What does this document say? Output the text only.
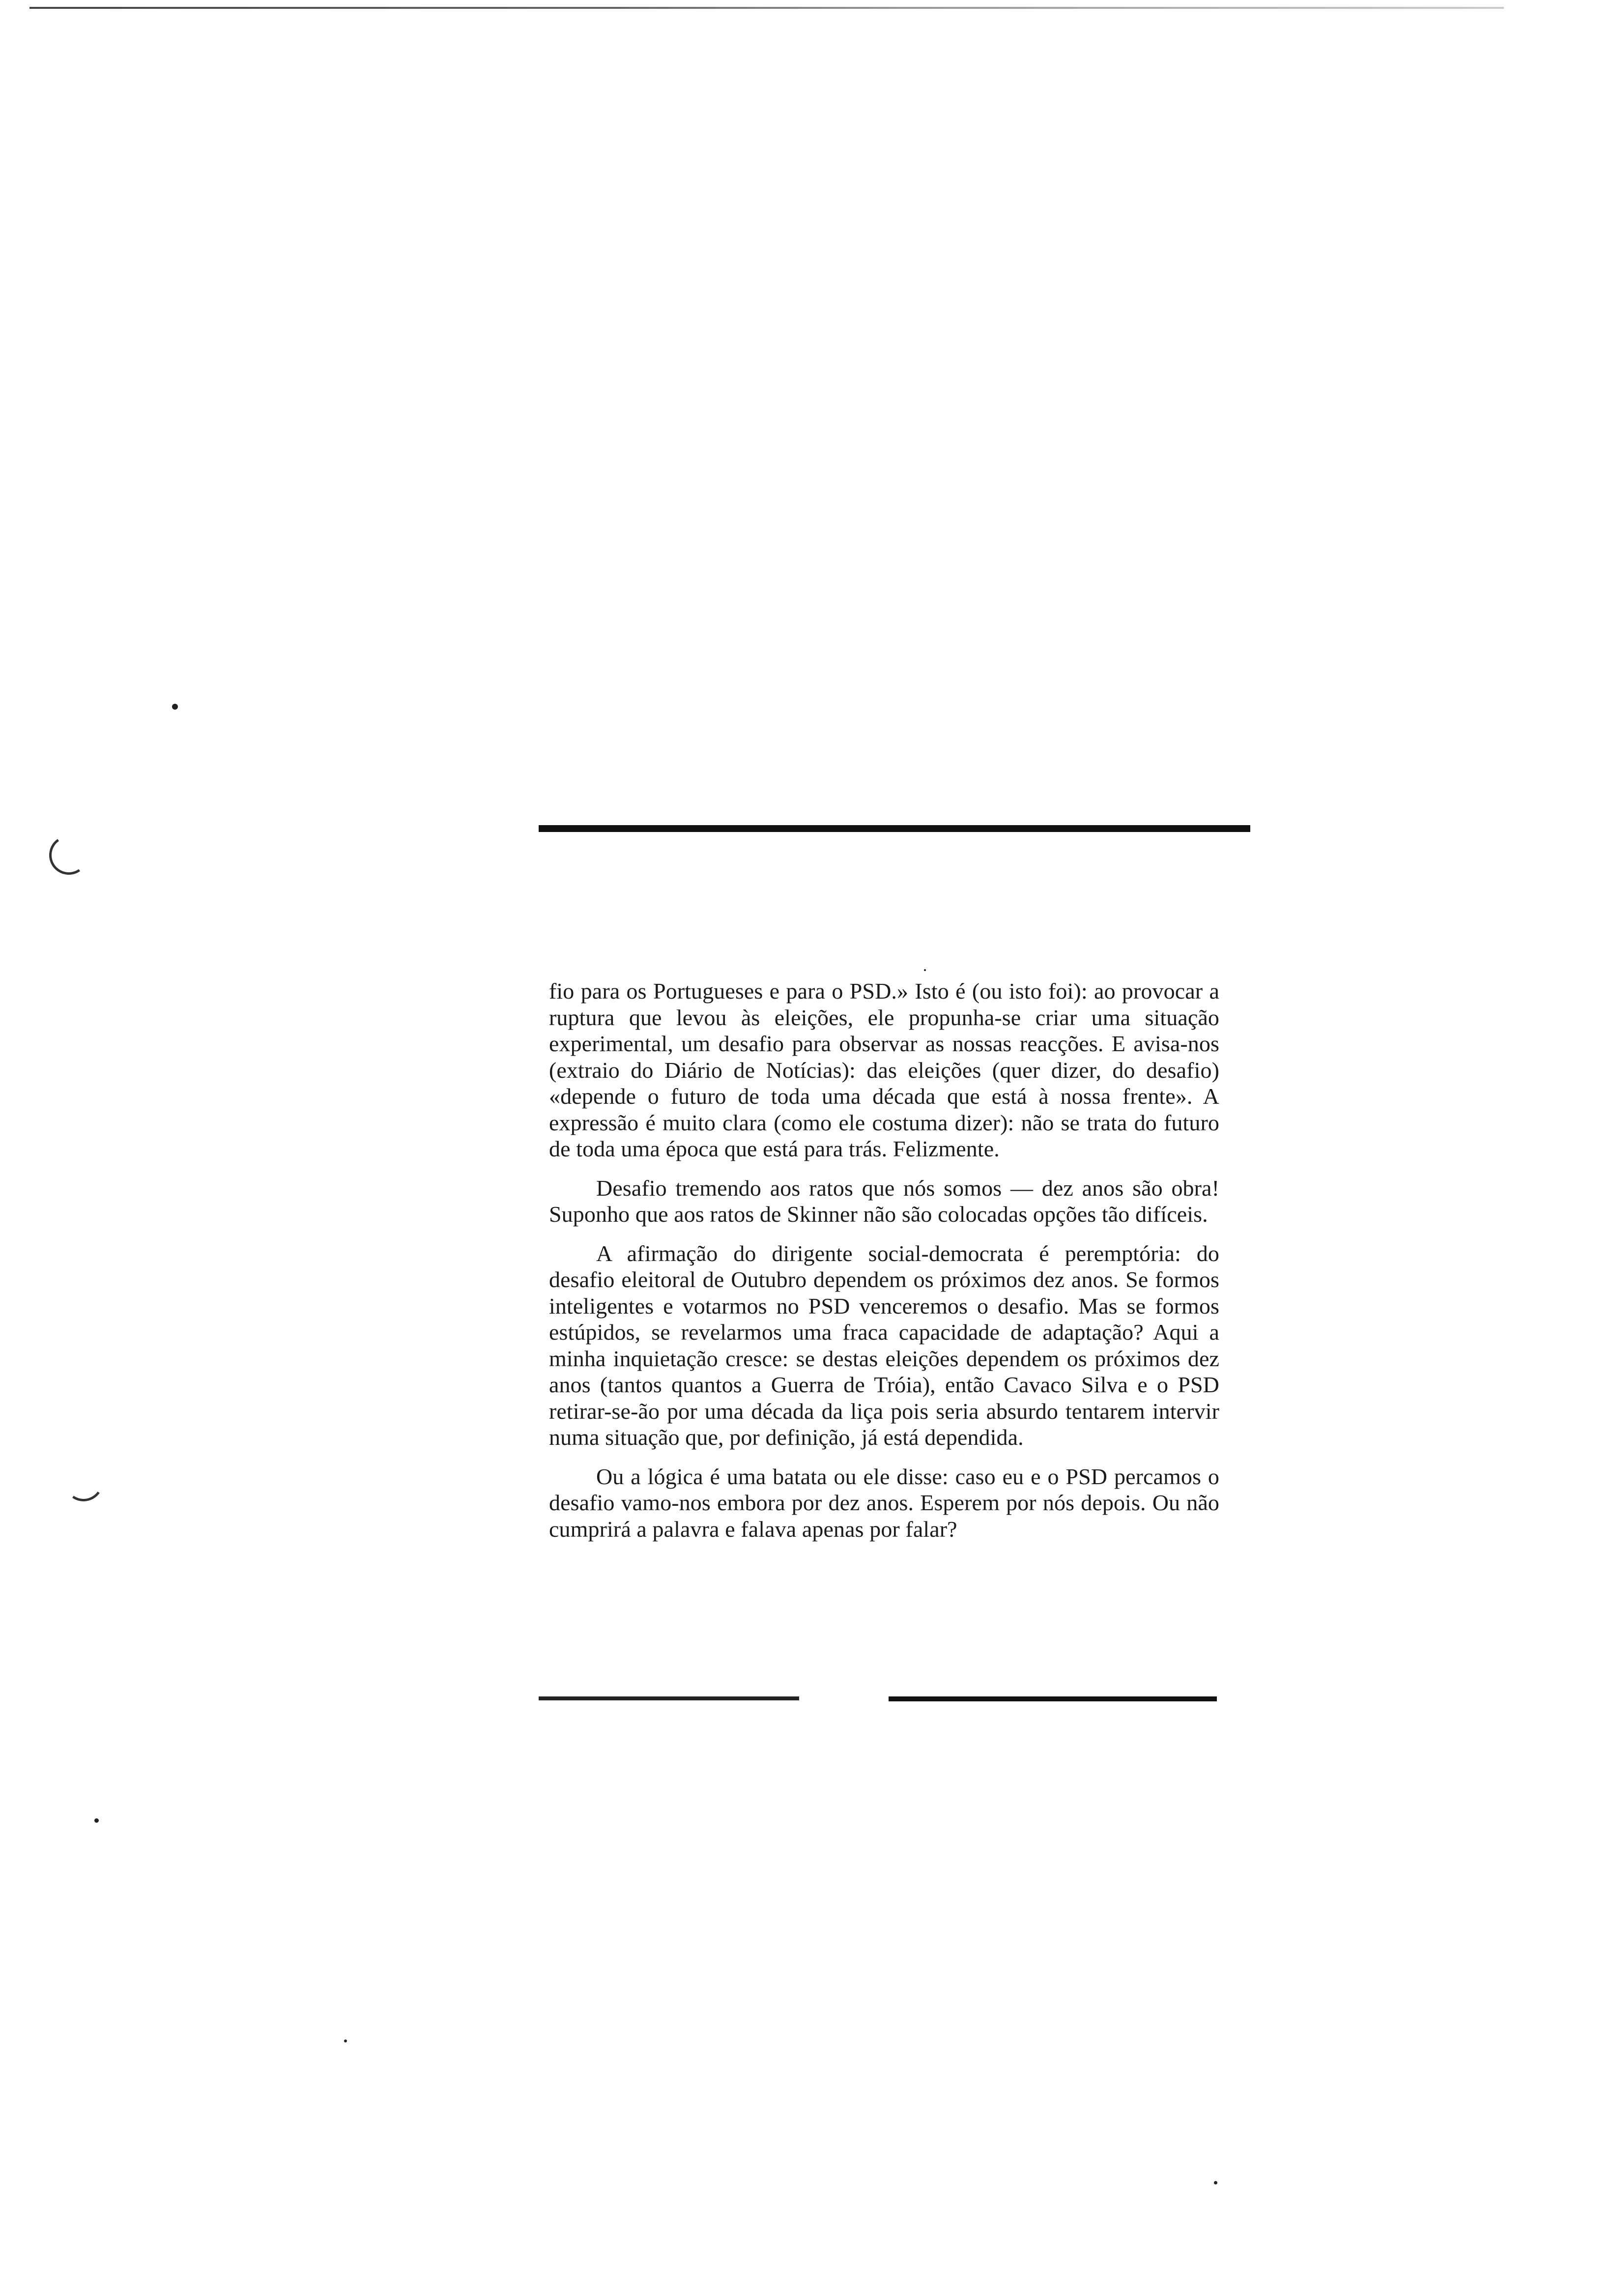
fio para os Portugueses e para o PSD.» Isto é (ou isto foi): ao provocar a ruptura que levou às eleições, ele propunha-se criar uma situação experimental, um desafio para observar as nossas reacções. E avisa-nos (extraio do Diário de Notícias): das eleições (quer dizer, do desafio) «depende o futuro de toda uma década que está à nossa frente». A expressão é muito clara (como ele costuma dizer): não se trata do futuro de toda uma época que está para trás. Felizmente.

Desafio tremendo aos ratos que nós somos — dez anos são obra! Suponho que aos ratos de Skinner não são colocadas opções tão difíceis.

A afirmação do dirigente social-democrata é peremptória: do desafio eleitoral de Outubro dependem os próximos dez anos. Se formos inteligentes e votarmos no PSD venceremos o desafio. Mas se formos estúpidos, se revelarmos uma fraca capacidade de adaptação? Aqui a minha inquietação cresce: se destas eleições dependem os próximos dez anos (tantos quantos a Guerra de Tróia), então Cavaco Silva e o PSD retirar-se-ão por uma década da liça pois seria absurdo tentarem intervir numa situação que, por definição, já está dependida.

Ou a lógica é uma batata ou ele disse: caso eu e o PSD percamos o desafio vamo-nos embora por dez anos. Esperem por nós depois. Ou não cumprirá a palavra e falava apenas por falar?
